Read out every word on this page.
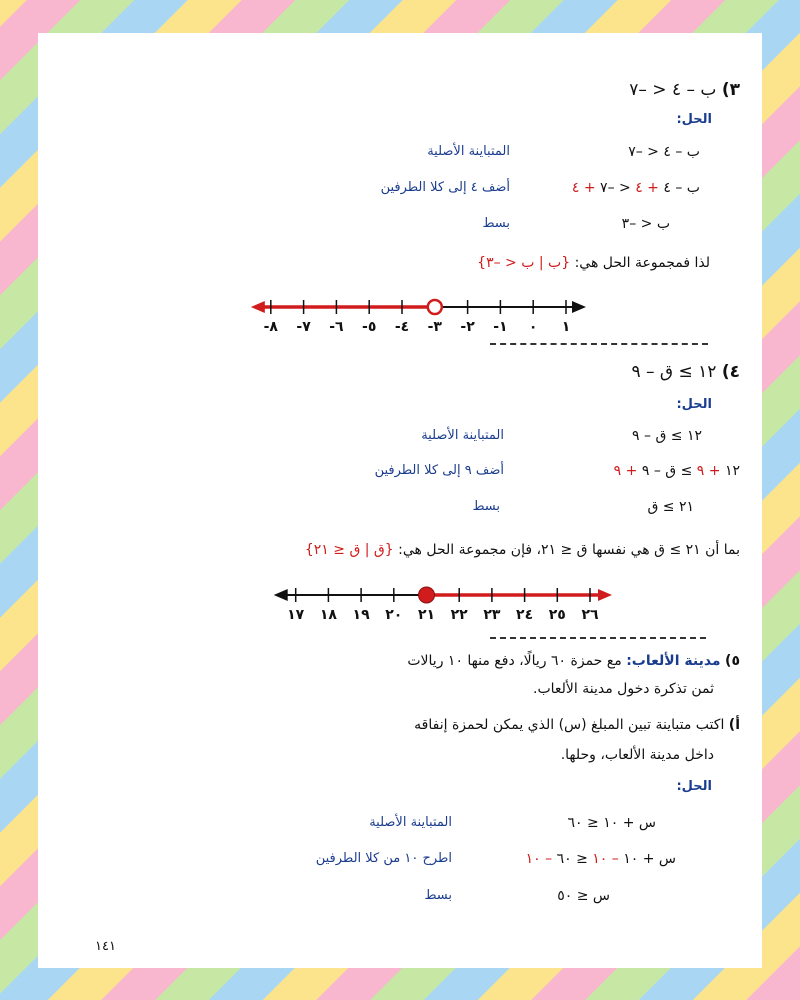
٣) ب – ٤ < –٧
الحل:
ب – ٤ < –٧
المتباينة الأصلية
ب – ٤ + ٤ < –٧ + ٤
أضف ٤ إلى كلا الطرفين
ب < –٣
بسط
لذا فمجموعة الحل هي: {ب | ب < –٣}
١
٠
-١
-٢
-٣
-٤
-٥
-٦
-٧
-٨
٤) ١٢ ≥ ق – ٩
الحل:
١٢ ≥ ق – ٩
المتباينة الأصلية
١٢ + ٩ ≥ ق – ٩ + ٩
أضف ٩ إلى كلا الطرفين
٢١ ≥ ق
بسط
بما أن ٢١ ≥ ق هي نفسها ق ≤ ٢١، فإن مجموعة الحل هي: {ق | ق ≤ ٢١}
٢٦
٢٥
٢٤
٢٣
٢٢
٢١
٢٠
١٩
١٨
١٧
٥) مدينة الألعاب: مع حمزة ٦٠ ريالًا، دفع منها ١٠ ريالات
ثمن تذكرة دخول مدينة الألعاب.
أ) اكتب متباينة تبين المبلغ (س) الذي يمكن لحمزة إنفاقه
داخل مدينة الألعاب، وحلها.
الحل:
س + ١٠ ≤ ٦٠
المتباينة الأصلية
س + ١٠ – ١٠ ≤ ٦٠ – ١٠
اطرح ١٠ من كلا الطرفين
س ≤ ٥٠
بسط
١٤١
